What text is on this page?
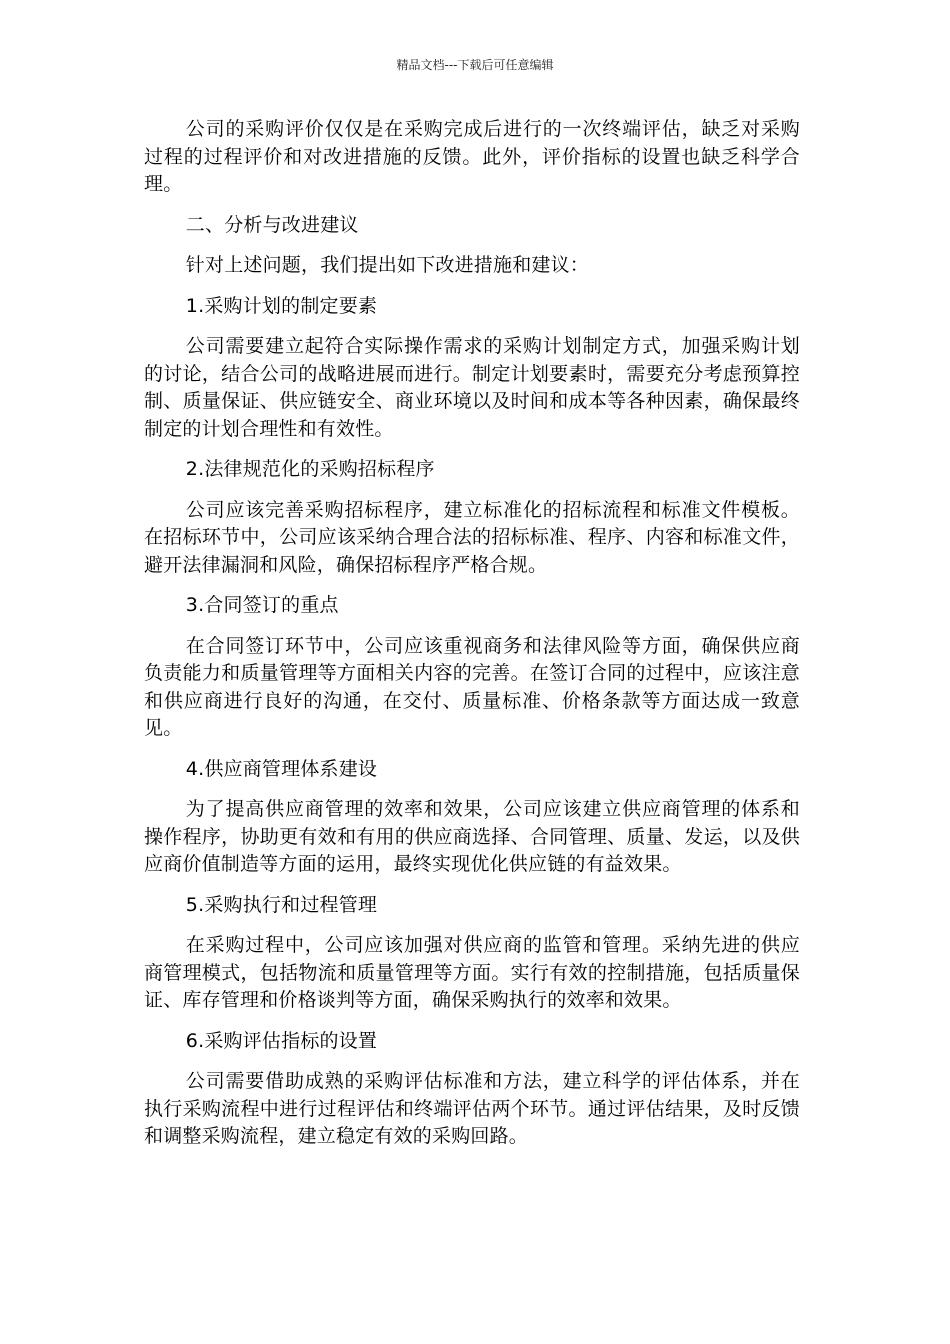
精品文档---下载后可任意编辑

公司的采购评价仅仅是在采购完成后进行的一次终端评估，缺乏对采购过程的过程评价和对改进措施的反馈。此外，评价指标的设置也缺乏科学合理。

二、分析与改进建议

针对上述问题，我们提出如下改进措施和建议：

1.采购计划的制定要素

公司需要建立起符合实际操作需求的采购计划制定方式，加强采购计划的讨论，结合公司的战略进展而进行。制定计划要素时，需要充分考虑预算控制、质量保证、供应链安全、商业环境以及时间和成本等各种因素，确保最终制定的计划合理性和有效性。

2.法律规范化的采购招标程序

公司应该完善采购招标程序，建立标准化的招标流程和标准文件模板。在招标环节中，公司应该采纳合理合法的招标标准、程序、内容和标准文件，避开法律漏洞和风险，确保招标程序严格合规。

3.合同签订的重点

在合同签订环节中，公司应该重视商务和法律风险等方面，确保供应商负责能力和质量管理等方面相关内容的完善。在签订合同的过程中，应该注意和供应商进行良好的沟通，在交付、质量标准、价格条款等方面达成一致意见。

4.供应商管理体系建设

为了提高供应商管理的效率和效果，公司应该建立供应商管理的体系和操作程序，协助更有效和有用的供应商选择、合同管理、质量、发运，以及供应商价值制造等方面的运用，最终实现优化供应链的有益效果。

5.采购执行和过程管理

在采购过程中，公司应该加强对供应商的监管和管理。采纳先进的供应商管理模式，包括物流和质量管理等方面。实行有效的控制措施，包括质量保证、库存管理和价格谈判等方面，确保采购执行的效率和效果。

6.采购评估指标的设置

公司需要借助成熟的采购评估标准和方法，建立科学的评估体系，并在执行采购流程中进行过程评估和终端评估两个环节。通过评估结果，及时反馈和调整采购流程，建立稳定有效的采购回路。
